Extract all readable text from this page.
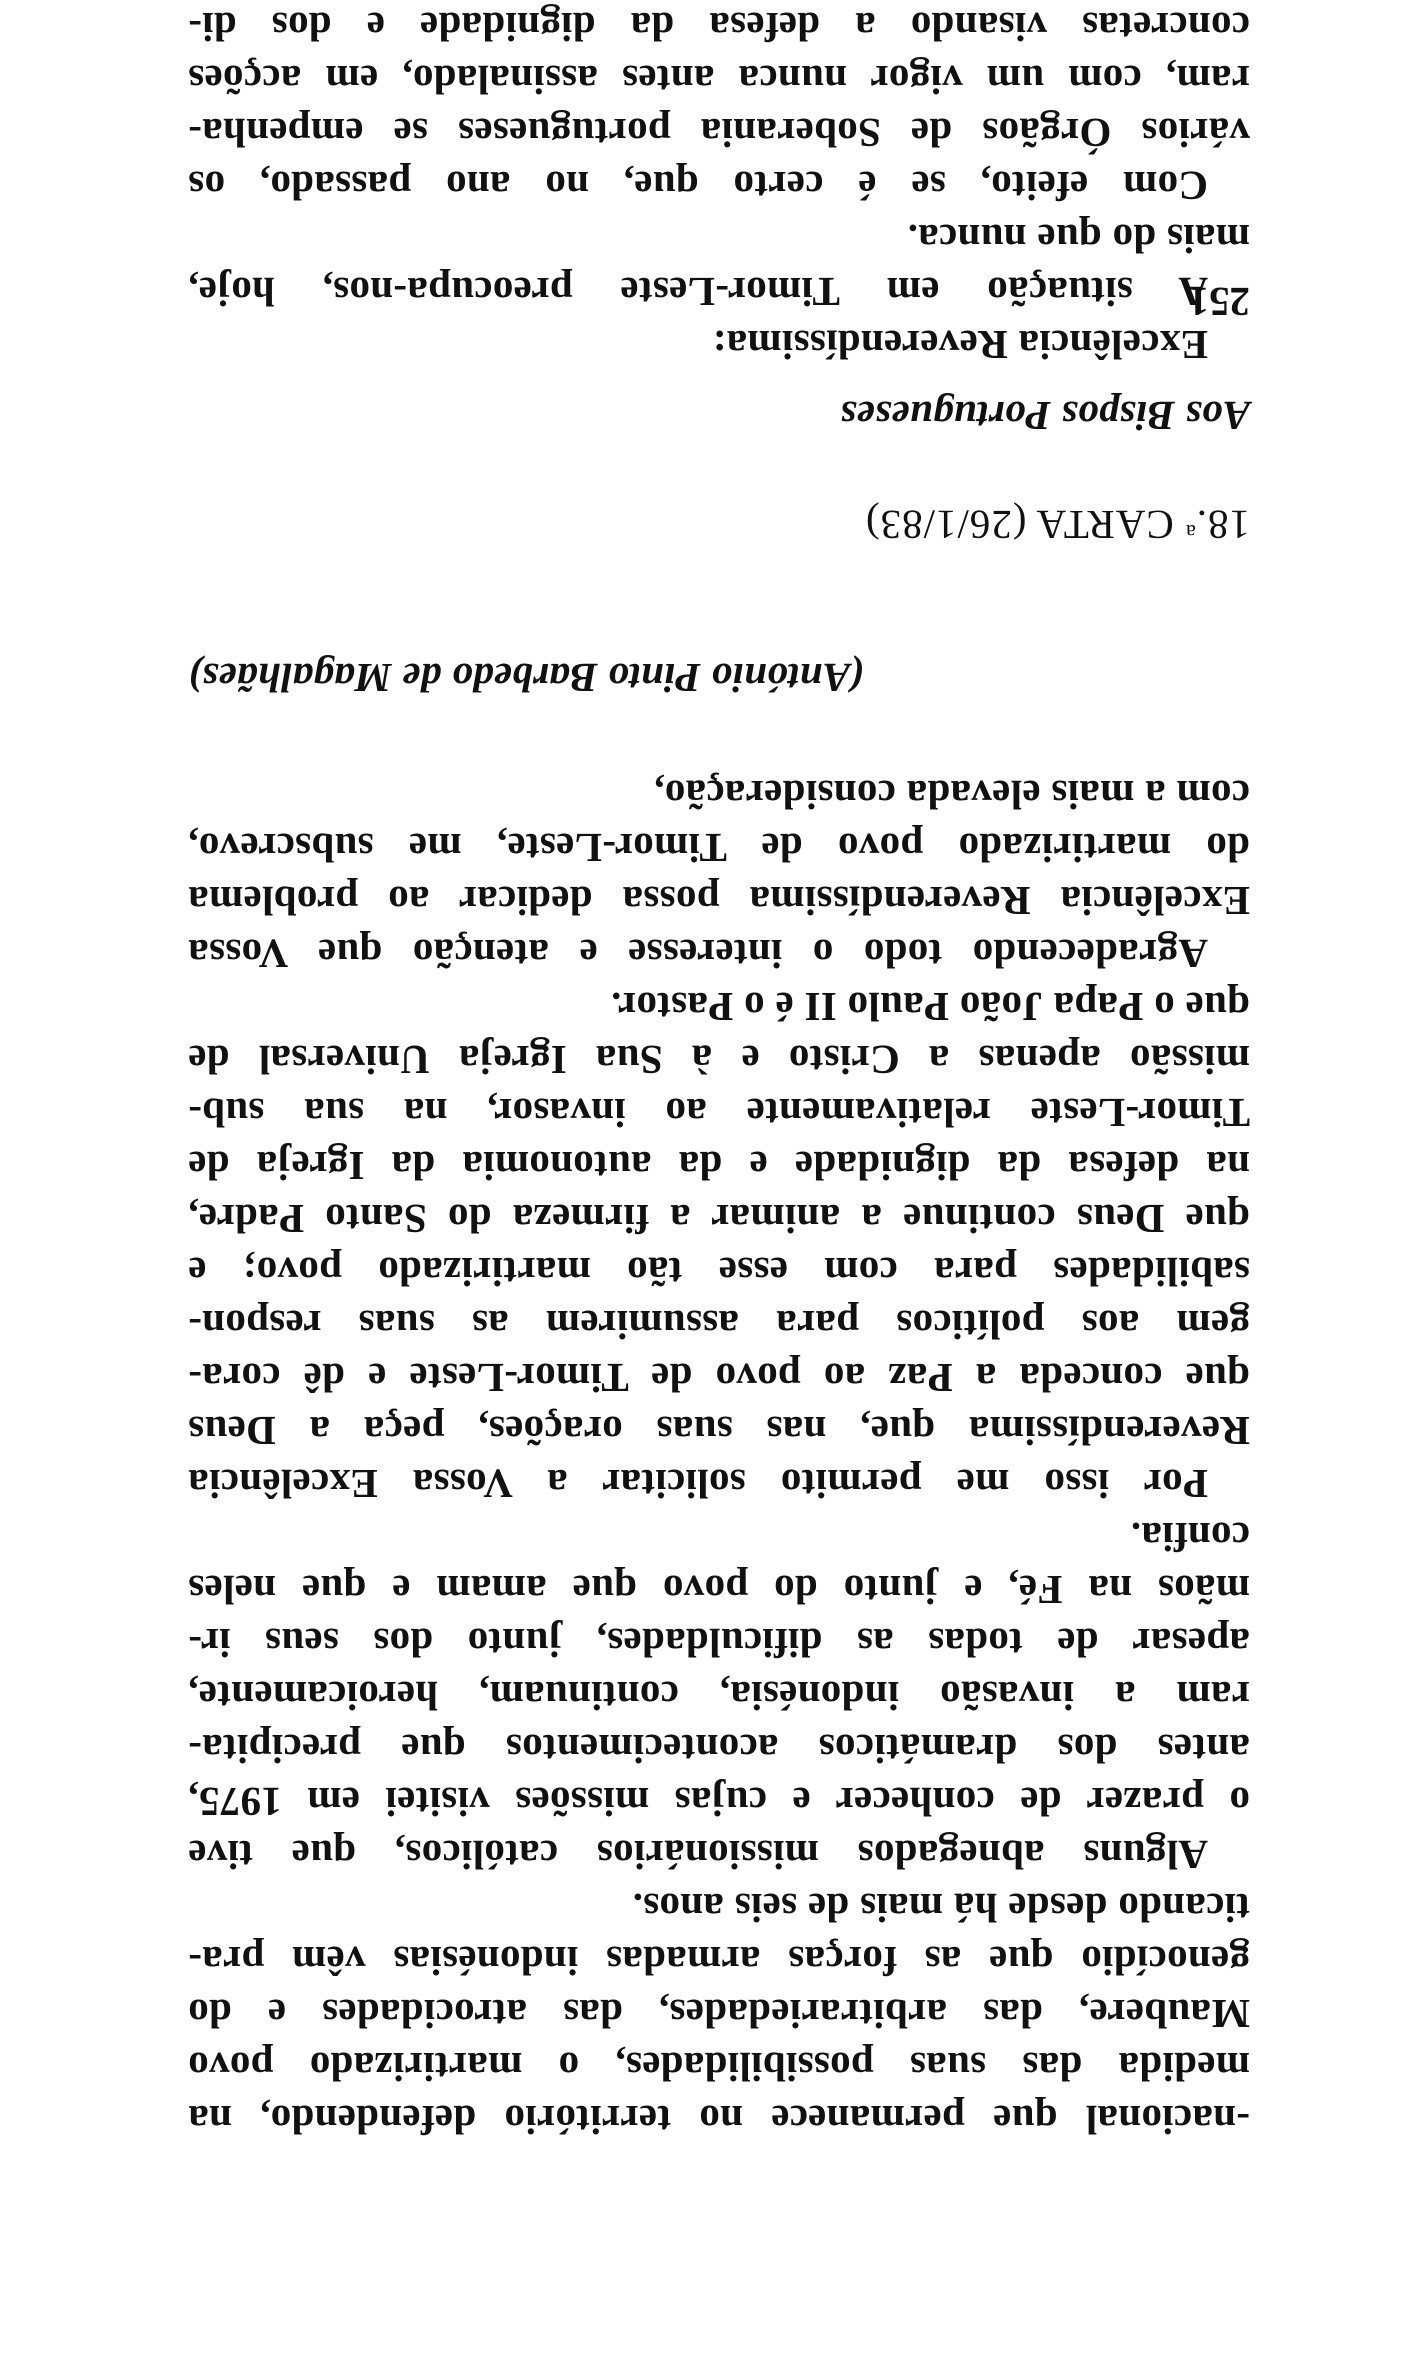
-nacional que permanece no território defendendo, na
medida das suas possibilidades, o martirizado povo
Maubere, das arbitrariedades, das atrocidades e do
genocídio que as forças armadas indonésias vêm pra-
ticando desde há mais de seis anos.
Alguns abnegados missionários católicos, que tive
o prazer de conhecer e cujas missões visitei em 1975,
antes dos dramáticos acontecimentos que precipita-
ram a invasão indonésia, continuam, heroicamente,
apesar de todas as dificuldades, junto dos seus ir-
mãos na Fé, e junto do povo que amam e que neles
confia.
Por isso me permito solicitar a Vossa Excelência
Reverendíssima que, nas suas orações, peça a Deus
que conceda a Paz ao povo de Timor-Leste e dê cora-
gem aos políticos para assumirem as suas respon-
sabilidades para com esse tão martirizado povo; e
que Deus continue a animar a firmeza do Santo Padre,
na defesa da dignidade e da autonomia da Igreja de
Timor-Leste relativamente ao invasor, na sua sub-
missão apenas a Cristo e à Sua Igreja Universal de
que o Papa João Paulo II é o Pastor.
Agradecendo todo o interesse e atenção que Vossa
Excelência Reverendíssima possa dedicar ao problema
do martirizado povo de Timor-Leste, me subscrevo,
com a mais elevada consideração,
(António Pinto Barbedo de Magalhães)
18.$^a$ CARTA (26/1/83)
Aos Bispos Portugueses
Excelência Reverendíssima:
A situação em Timor-Leste preocupa-nos, hoje,
mais do que nunca.
Com efeito, se é certo que, no ano passado, os
vários Órgãos de Soberania portugueses se empenha-
ram, com um vigor nunca antes assinalado, em acções
concretas visando a defesa da dignidade e dos di-
251
